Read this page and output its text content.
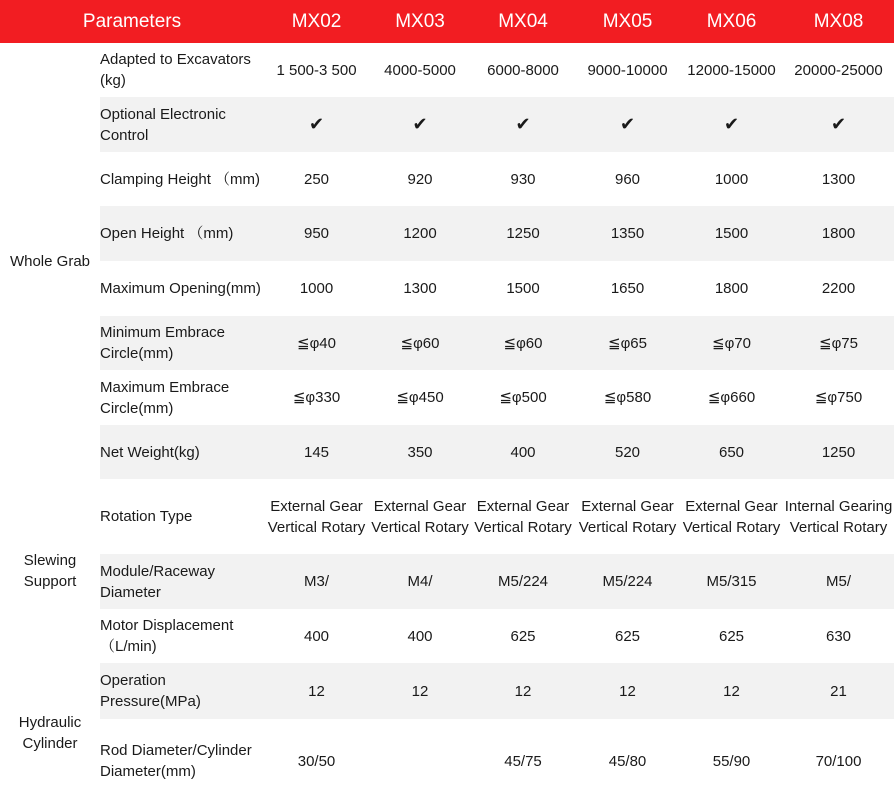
Parameters		MX02	MX03	MX04	MX05	MX06	MX08
Whole Grab	Adapted to Excavators (kg)	1 500-3 500	4000-5000	6000-8000	9000-10000	12000-15000	20000-25000
	Optional Electronic Control	✔	✔	✔	✔	✔	✔
	Clamping Height （mm)	250	920	930	960	1000	1300
	Open Height （mm)	950	1200	1250	1350	1500	1800
	Maximum Opening(mm)	1000	1300	1500	1650	1800	2200
	Minimum Embrace Circle(mm)	≦φ40	≦φ60	≦φ60	≦φ65	≦φ70	≦φ75
	Maximum Embrace Circle(mm)	≦φ330	≦φ450	≦φ500	≦φ580	≦φ660	≦φ750
	Net Weight(kg)	145	350	400	520	650	1250
Slewing Support	Rotation Type	External Gear Vertical Rotary	External Gear Vertical Rotary	External Gear Vertical Rotary	External Gear Vertical Rotary	External Gear Vertical Rotary	Internal Gearing Vertical Rotary
	Module/Raceway Diameter	M3/	M4/	M5/224	M5/224	M5/315	M5/
	Motor Displacement （L/min)	400	400	625	625	625	630
Hydraulic Cylinder	Operation Pressure(MPa)	12	12	12	12	12	21
	Rod Diameter/Cylinder Diameter(mm)	30/50		45/75	45/80	55/90	70/100
